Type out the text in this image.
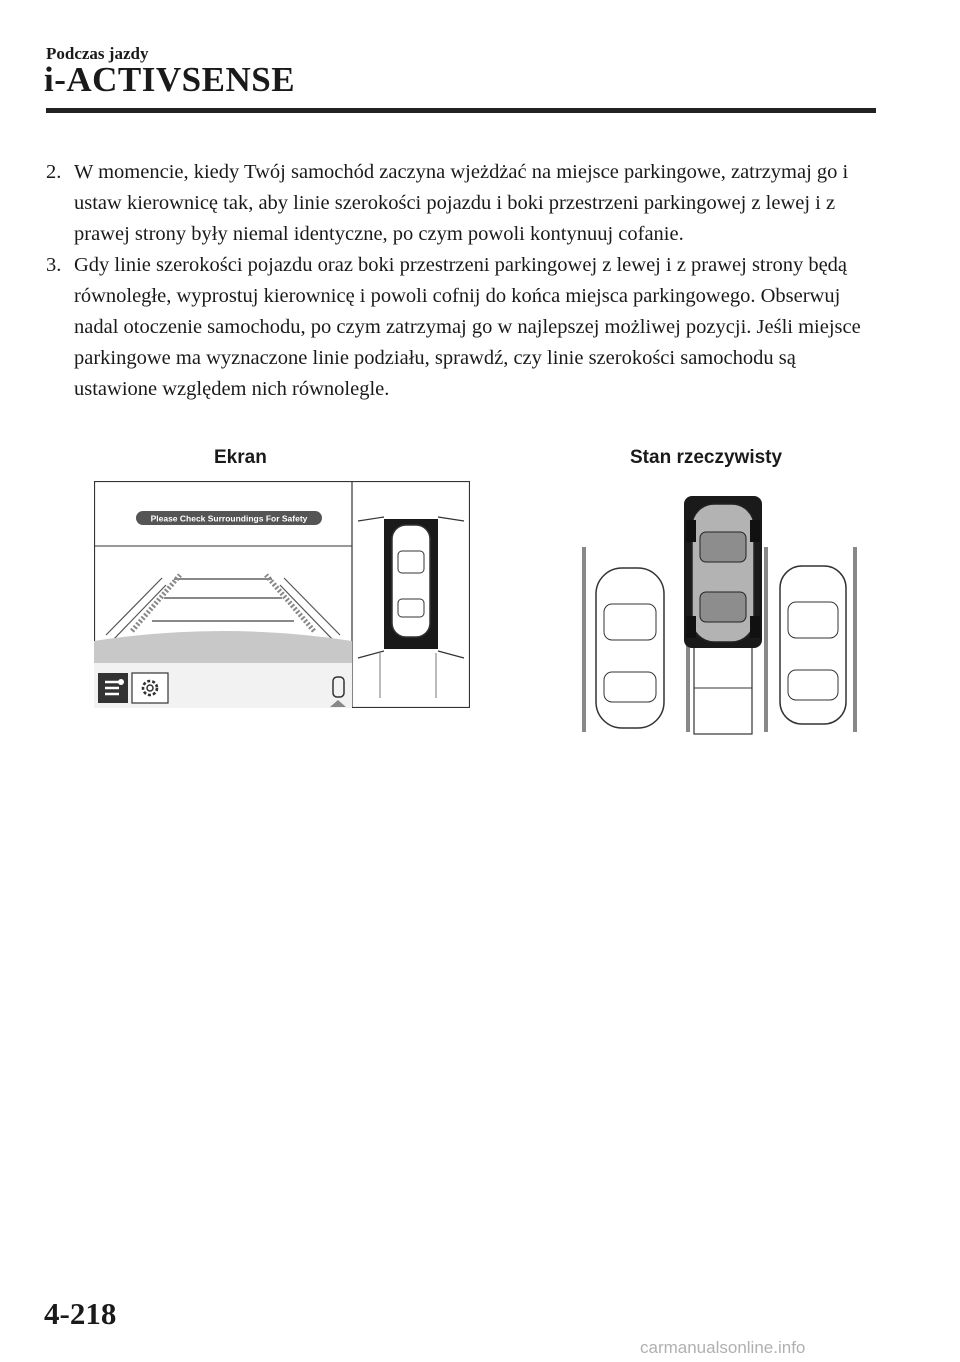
Podczas jazdy
i-ACTIVSENSE
2. W momencie, kiedy Twój samochód zaczyna wjeżdżać na miejsce parkingowe, zatrzymaj go i ustaw kierownicę tak, aby linie szerokości pojazdu i boki przestrzeni parkingowej z lewej i z prawej strony były niemal identyczne, po czym powoli kontynuuj cofanie.
3. Gdy linie szerokości pojazdu oraz boki przestrzeni parkingowej z lewej i z prawej strony będą równoległe, wyprostuj kierownicę i powoli cofnij do końca miejsca parkingowego. Obserwuj nadal otoczenie samochodu, po czym zatrzymaj go w najlepszej możliwej pozycji. Jeśli miejsce parkingowe ma wyznaczone linie podziału, sprawdź, czy linie szerokości samochodu są ustawione względem nich równolegle.
Ekran	Stan rzeczywisty
Please Check Surroundings For Safety
4-218
carmanualsonline.info
